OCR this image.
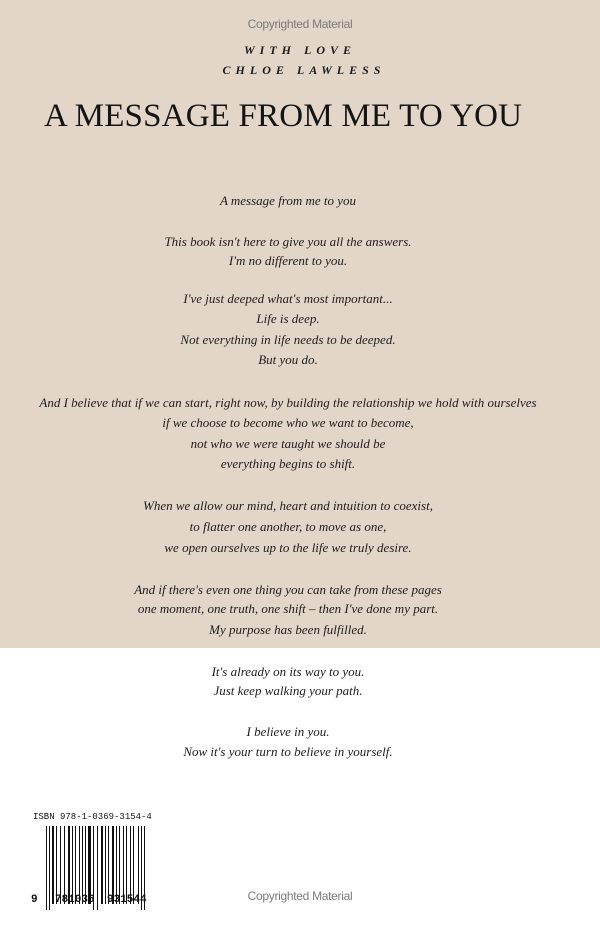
Copyrighted Material
WITH LOVE
CHLOE LAWLESS
A MESSAGE FROM ME TO YOU
A message from me to you
This book isn't here to give you all the answers.
I'm no different to you.
I've just deeped what's most important...
Life is deep.
Not everything in life needs to be deeped.
But you do.
And I believe that if we can start, right now, by building the relationship we hold with ourselves
if we choose to become who we want to become,
not who we were taught we should be
everything begins to shift.
When we allow our mind, heart and intuition to coexist,
to flatter one another, to move as one,
we open ourselves up to the life we truly desire.
And if there's even one thing you can take from these pages
one moment, one truth, one shift – then I've done my part.
My purpose has been fulfilled.
It's already on its way to you.
Just keep walking your path.
I believe in you.
Now it's your turn to believe in yourself.
ISBN 978-1-0369-3154-4
9 781036 931544	Copyrighted Material
